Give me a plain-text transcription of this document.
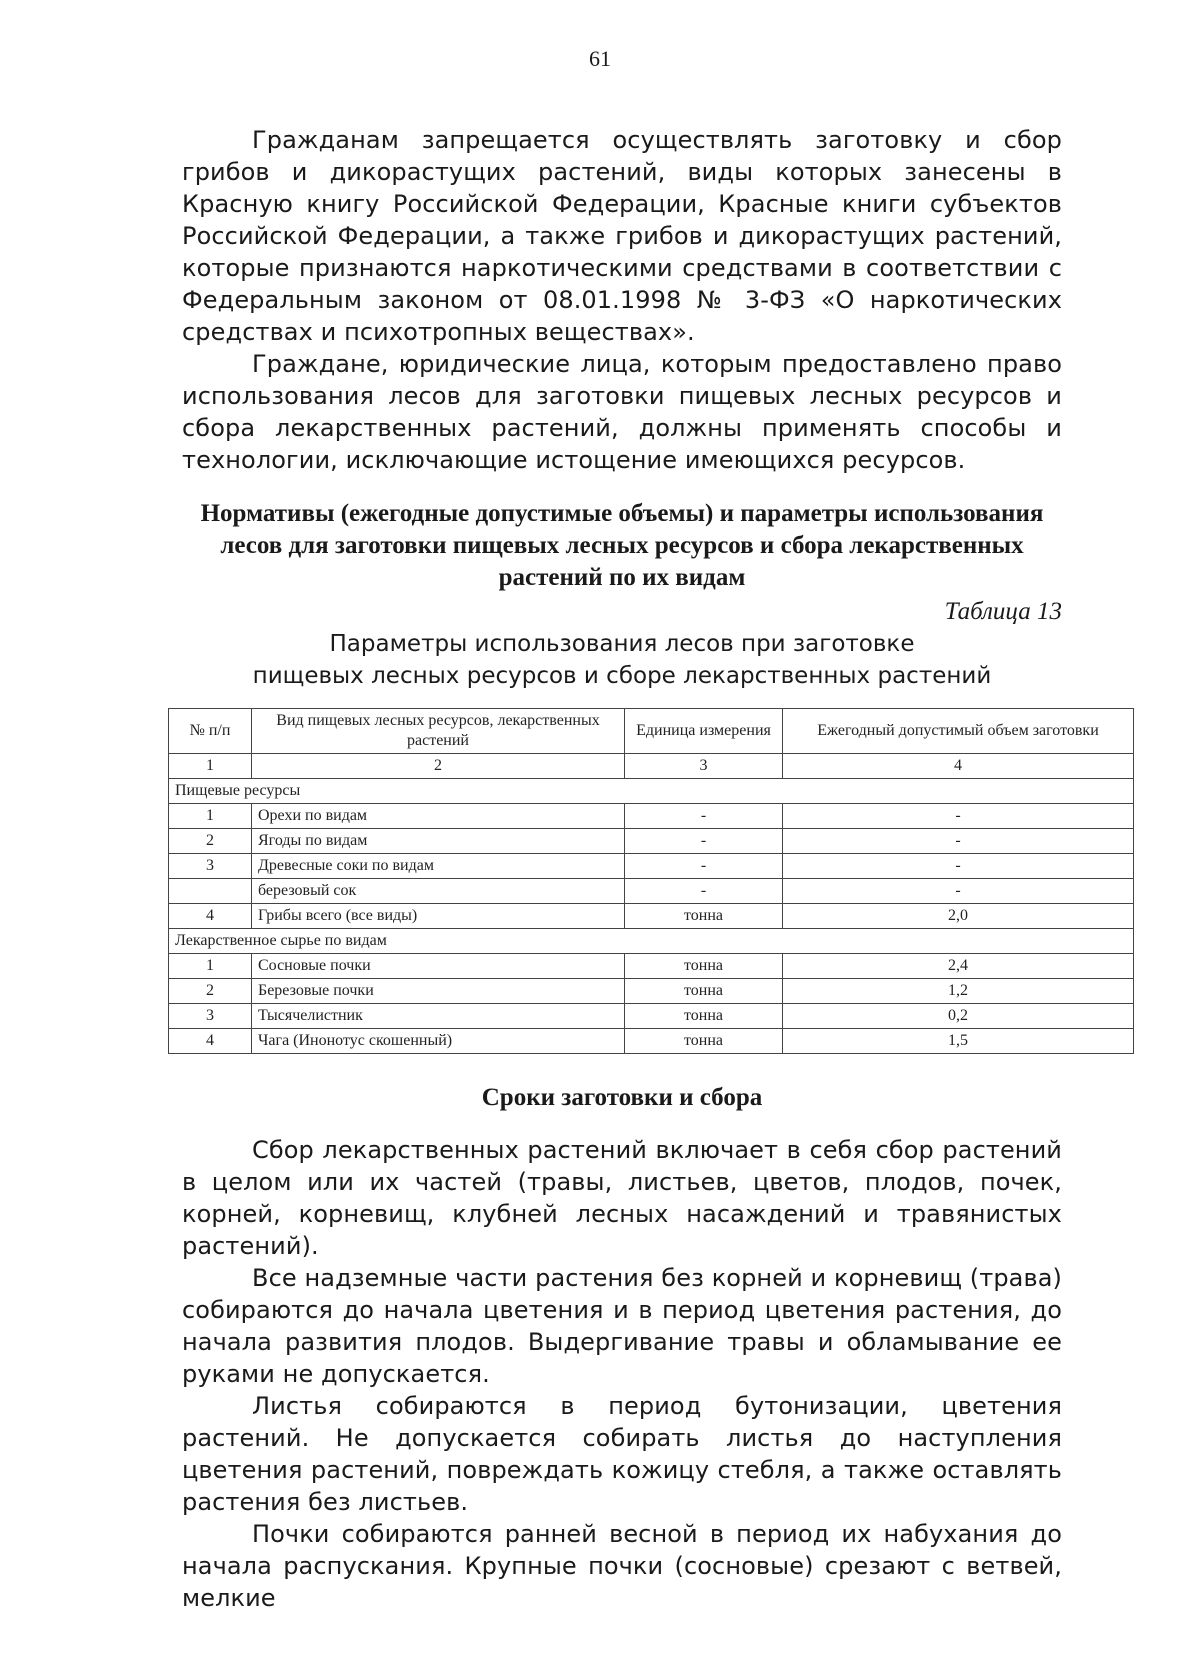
61

Гражданам запрещается осуществлять заготовку и сбор грибов и дикорастущих растений, виды которых занесены в Красную книгу Российской Федерации, Красные книги субъектов Российской Федерации, а также грибов и дикорастущих растений, которые признаются наркотическими средствами в соответствии с Федеральным законом от 08.01.1998 № 3-ФЗ «О наркотических средствах и психотропных веществах».

Граждане, юридические лица, которым предоставлено право использования лесов для заготовки пищевых лесных ресурсов и сбора лекарственных растений, должны применять способы и технологии, исключающие истощение имеющихся ресурсов.

Нормативы (ежегодные допустимые объемы) и параметры использования лесов для заготовки пищевых лесных ресурсов и сбора лекарственных растений по их видам
Таблица 13
Параметры использования лесов при заготовке
пищевых лесных ресурсов и сборе лекарственных растений
№ п/п	Вид пищевых лесных ресурсов, лекарственных растений	Единица измерения	Ежегодный допустимый объем заготовки
1	2	3	4
Пищевые ресурсы			
1	Орехи по видам	-	-
2	Ягоды по видам	-	-
3	Древесные соки по видам	-	-
	березовый сок	-	-
4	Грибы всего (все виды)	тонна	2,0
Лекарственное сырье по видам			
1	Сосновые почки	тонна	2,4
2	Березовые почки	тонна	1,2
3	Тысячелистник	тонна	0,2
4	Чага (Инонотус скошенный)	тонна	1,5
Сроки заготовки и сбора

Сбор лекарственных растений включает в себя сбор растений в целом или их частей (травы, листьев, цветов, плодов, почек, корней, корневищ, клубней лесных насаждений и травянистых растений).

Все надземные части растения без корней и корневищ (трава) собираются до начала цветения и в период цветения растения, до начала развития плодов. Выдергивание травы и обламывание ее руками не допускается.

Листья собираются в период бутонизации, цветения растений. Не допускается собирать листья до наступления цветения растений, повреждать кожицу стебля, а также оставлять растения без листьев.

Почки собираются ранней весной в период их набухания до начала распускания. Крупные почки (сосновые) срезают с ветвей, мелкие
